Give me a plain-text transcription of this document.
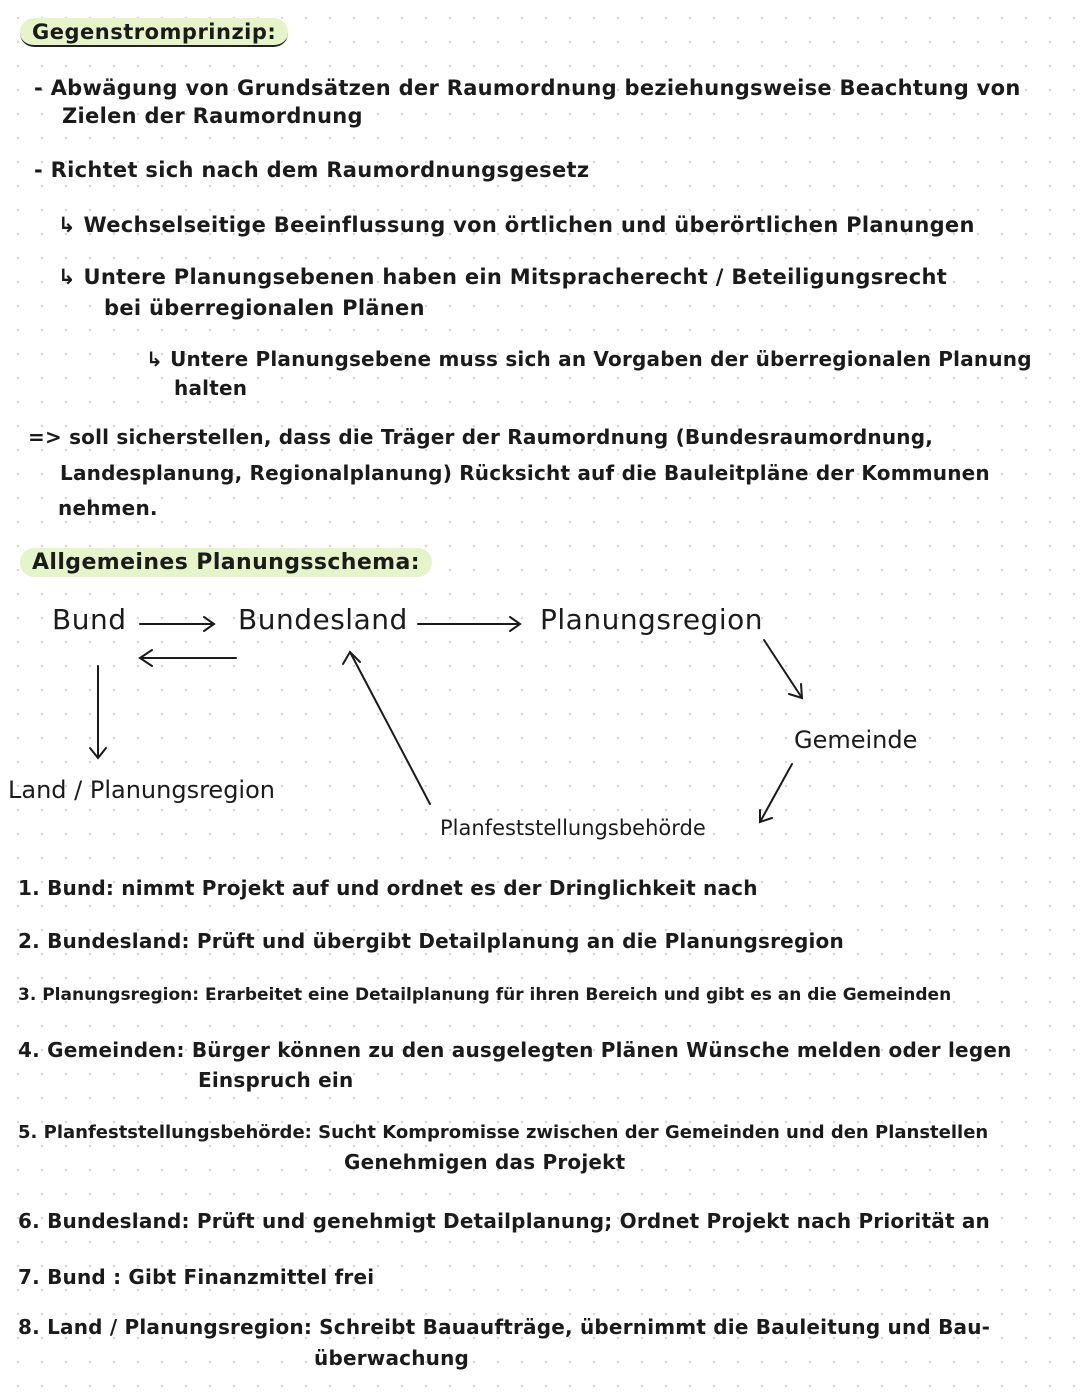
Gegenstromprinzip:
- Abwägung von Grundsätzen der Raumordnung beziehungsweise Beachtung von
Zielen der Raumordnung
- Richtet sich nach dem Raumordnungsgesetz
↳ Wechselseitige Beeinflussung von örtlichen und überörtlichen Planungen
↳ Untere Planungsebenen haben ein Mitspracherecht / Beteiligungsrecht
bei überregionalen Plänen
↳ Untere Planungsebene muss sich an Vorgaben der überregionalen Planung
halten
=> soll sicherstellen, dass die Träger der Raumordnung (Bundesraumordnung,
Landesplanung, Regionalplanung) Rücksicht auf die Bauleitpläne der Kommunen
nehmen.
Allgemeines Planungsschema:
Bund	Bundesland	Planungsregion
Gemeinde
Land / Planungsregion
Planfeststellungsbehörde
1. Bund: nimmt Projekt auf und ordnet es der Dringlichkeit nach
2. Bundesland: Prüft und übergibt Detailplanung an die Planungsregion
3. Planungsregion: Erarbeitet eine Detailplanung für ihren Bereich und gibt es an die Gemeinden
4. Gemeinden: Bürger können zu den ausgelegten Plänen Wünsche melden oder legen
Einspruch ein
5. Planfeststellungsbehörde: Sucht Kompromisse zwischen der Gemeinden und den Planstellen
Genehmigen das Projekt
6. Bundesland: Prüft und genehmigt Detailplanung; Ordnet Projekt nach Priorität an
7. Bund : Gibt Finanzmittel frei
8. Land / Planungsregion: Schreibt Bauaufträge, übernimmt die Bauleitung und Bau-
überwachung
